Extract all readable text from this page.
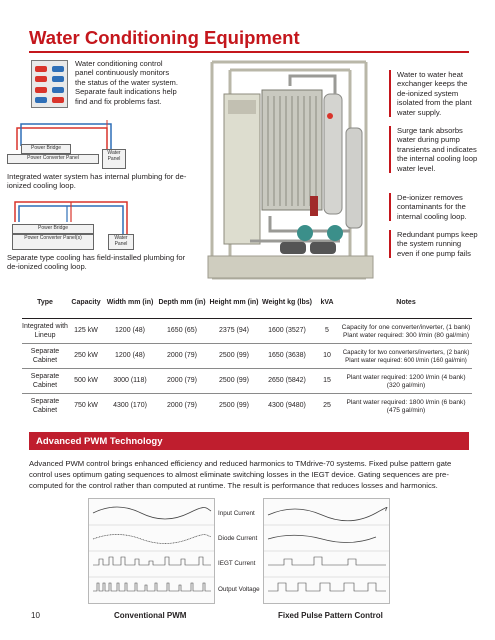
Water Conditioning Equipment
Water conditioning control panel continuously monitors the status of the water system. Separate fault indications help find and fix problems fast.
Power Bridge
Power Converter Panel
Water Panel
Integrated water system has internal plumbing for de-ionized cooling loop.
Power Bridge
Power Converter Panel(s)	Water Panel
Separate type cooling has field-installed plumbing for de-ionized cooling loop.
Water to water heat exchanger keeps the de-ionized system isolated from the plant water supply.
Surge tank absorbs water during pump transients and indicates the internal cooling loop water level.
De-ionizer removes contaminants for the internal cooling loop.
Redundant pumps keep the system running even if one pump fails
Type	Capacity	Width mm (in)	Depth mm (in)	Height mm (in)	Weight kg (lbs)	kVA	Notes
Integrated with Lineup	125 kW	1200 (48)	1650 (65)	2375 (94)	1600 (3527)	5	Capacity for one converter/inverter, (1 bank) Plant water required: 300 l/min (80 gal/min)
Separate Cabinet	250 kW	1200 (48)	2000 (79)	2500 (99)	1650 (3638)	10	Capacity for two converters/inverters, (2 bank) Plant water required: 600 l/min (160 gal/min)
Separate Cabinet	500 kW	3000 (118)	2000 (79)	2500 (99)	2650 (5842)	15	Plant water required: 1200 l/min (4 bank) (320 gal/min)
Separate Cabinet	750 kW	4300 (170)	2000 (79)	2500 (99)	4300 (9480)	25	Plant water required: 1800 l/min (6 bank) (475 gal/min)
Advanced PWM Technology
Advanced PWM control brings enhanced efficiency and reduced harmonics to TMdrive-70 systems. Fixed pulse pattern gate control uses optimum gating sequences to almost eliminate switching losses in the IEGT device. Gating sequences are pre-computed for the control rather than computed at runtime. The result is performance that reduces losses and harmonics.
Input Current
Diode Current
IEGT Current
Output Voltage
Conventional PWM	Fixed Pulse Pattern Control
10
